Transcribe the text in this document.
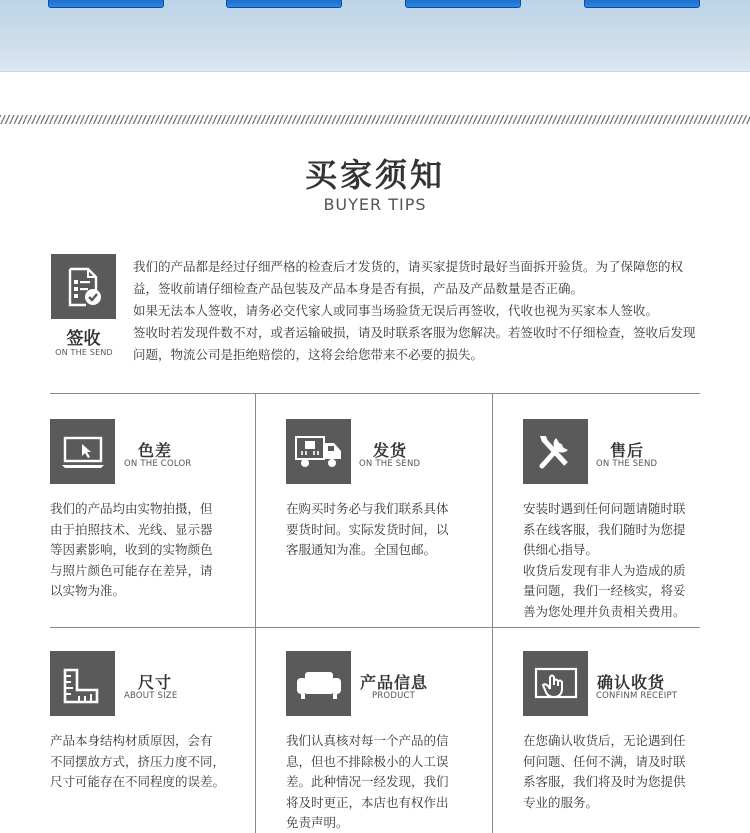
买家须知
BUYER TIPS
签收
ON THE SEND

我们的产品都是经过仔细严格的检查后才发货的，请买家提货时最好当面拆开验货。为了保障您的权益，签收前请仔细检查产品包装及产品本身是否有损，产品及产品数量是否正确。

如果无法本人签收，请务必交代家人或同事当场验货无误后再签收，代收也视为买家本人签收。

签收时若发现件数不对，或者运输破损，请及时联系客服为您解决。若签收时不仔细检查，签收后发现问题，物流公司是拒绝赔偿的，这将会给您带来不必要的损失。

色差
ON THE COLOR

我们的产品均由实物拍摄，但

由于拍照技术、光线、显示器

等因素影响，收到的实物颜色

与照片颜色可能存在差异，请

以实物为准。

发货
ON THE SEND

在购买时务必与我们联系具体

要货时间。实际发货时间，以

客服通知为准。全国包邮。

售后
ON THE SEND

安装时遇到任何问题请随时联

系在线客服，我们随时为您提

供细心指导。

收货后发现有非人为造成的质

量问题，我们一经核实，将妥

善为您处理并负责相关费用。

尺寸
ABOUT SIZE

产品本身结构材质原因，会有

不同摆放方式，挤压力度不同，

尺寸可能存在不同程度的误差。

产品信息
PRODUCT

我们认真核对每一个产品的信

息，但也不排除极小的人工误

差。此种情况一经发现，我们

将及时更正，本店也有权作出

免责声明。

确认收货
CONFINM RECEIPT

在您确认收货后，无论遇到任

何问题、任何不满，请及时联

系客服，我们将及时为您提供

专业的服务。
